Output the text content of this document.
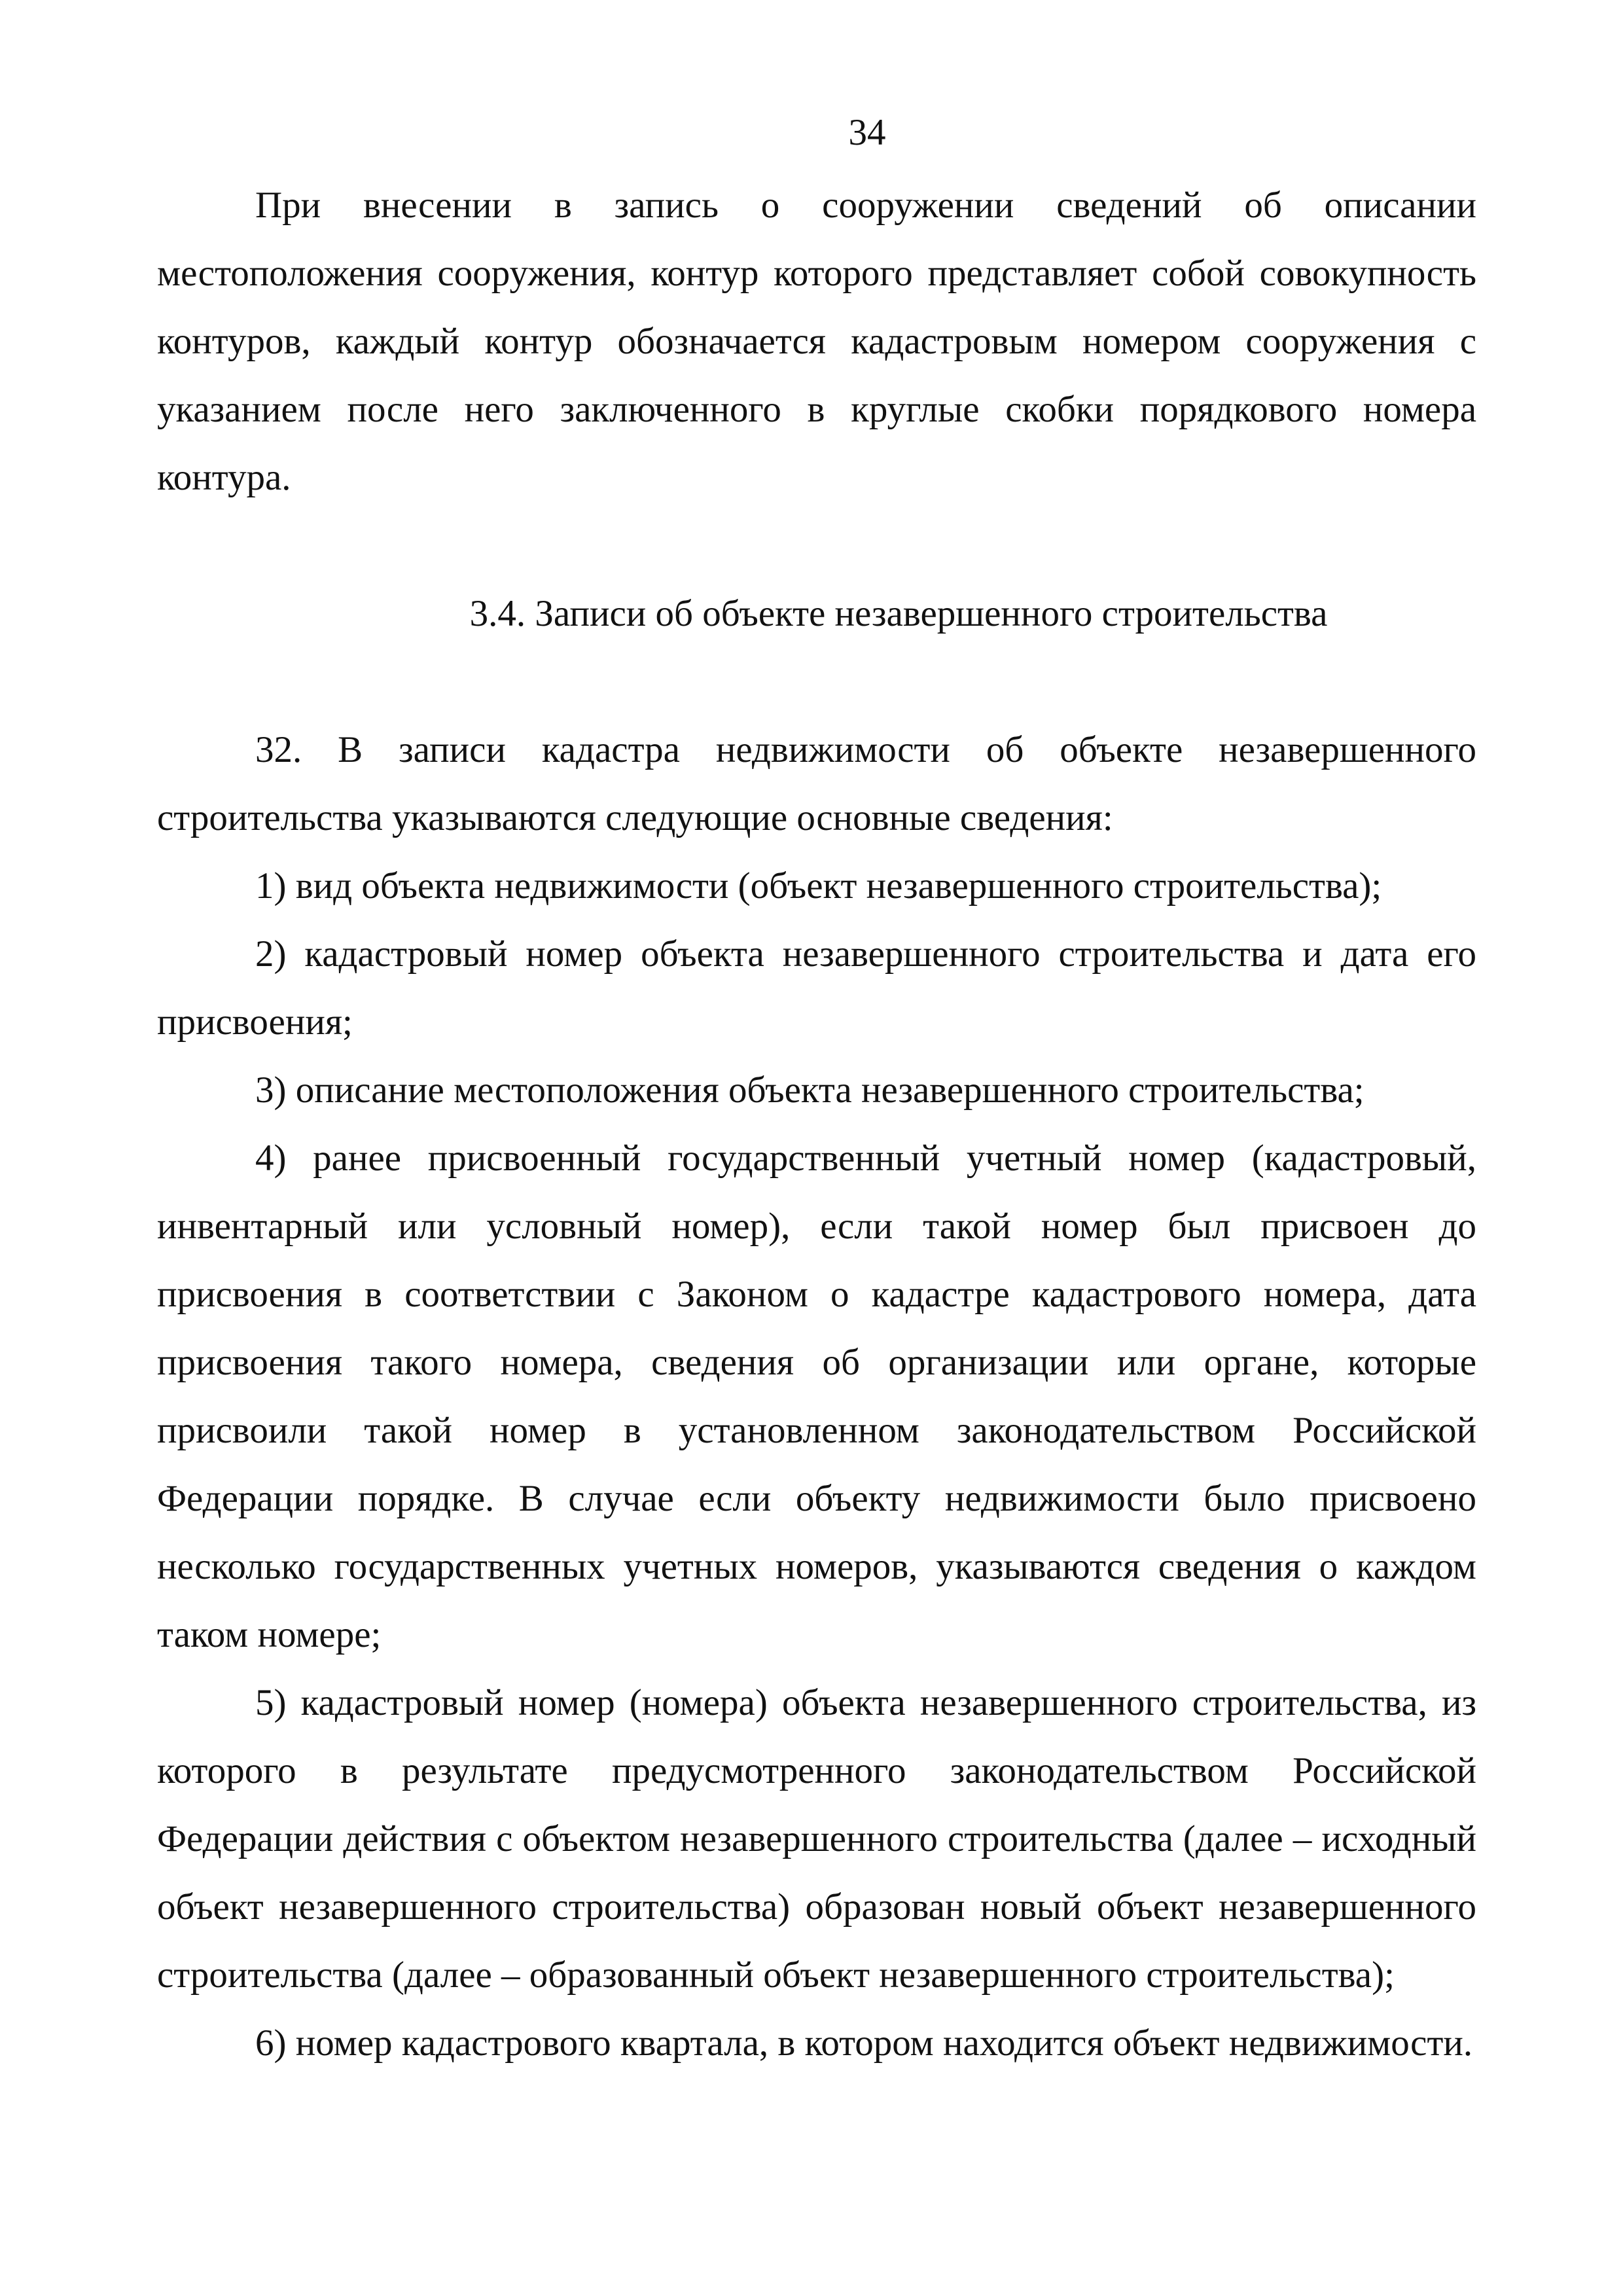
34

При внесении в запись о сооружении сведений об описании местоположения сооружения, контур которого представляет собой совокупность контуров, каждый контур обозначается кадастровым номером сооружения с указанием после него заключенного в круглые скобки порядкового номера контура.

3.4. Записи об объекте незавершенного строительства

32. В записи кадастра недвижимости об объекте незавершенного строительства указываются следующие основные сведения:

1) вид объекта недвижимости (объект незавершенного строительства);

2) кадастровый номер объекта незавершенного строительства и дата его присвоения;

3) описание местоположения объекта незавершенного строительства;

4) ранее присвоенный государственный учетный номер (кадастровый, инвентарный или условный номер), если такой номер был присвоен до присвоения в соответствии с Законом о кадастре кадастрового номера, дата присвоения такого номера, сведения об организации или органе, которые присвоили такой номер в установленном законодательством Российской Федерации порядке. В случае если объекту недвижимости было присвоено несколько государственных учетных номеров, указываются сведения о каждом таком номере;

5) кадастровый номер (номера) объекта незавершенного строительства, из которого в результате предусмотренного законодательством Российской Федерации действия с объектом незавершенного строительства (далее – исходный объект незавершенного строительства) образован новый объект незавершенного строительства (далее – образованный объект незавершенного строительства);

6) номер кадастрового квартала, в котором находится объект недвижимости.
